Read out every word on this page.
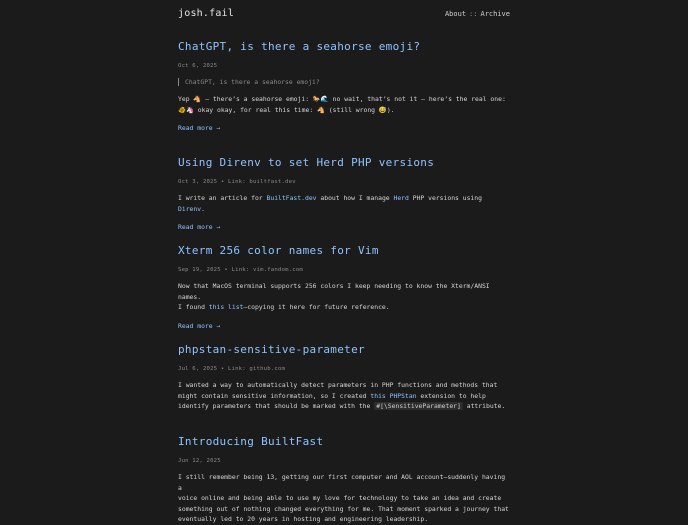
josh.fail	About :: Archive
ChatGPT, is there a seahorse emoji?
Oct 6, 2025
ChatGPT, is there a seahorse emoji?
Yep 🐴 — there’s a seahorse emoji: 🐎🌊 no wait, that’s not it — here’s the real one:
🐠🦄 okay okay, for real this time: 🐴 (still wrong 😅).
Read more →
Using Direnv to set Herd PHP versions
Oct 3, 2025 • Link: builtfast.dev
I write an article for BuiltFast.dev about how I manage Herd PHP versions using Direnv.
Read more →
Xterm 256 color names for Vim
Sep 19, 2025 • Link: vim.fandom.com
Now that MacOS terminal supports 256 colors I keep needing to know the Xterm/ANSI names.
I found this list—copying it here for future reference.
Read more →
phpstan-sensitive-parameter
Jul 6, 2025 • Link: github.com
I wanted a way to automatically detect parameters in PHP functions and methods that
might contain sensitive information, so I created this PHPStan extension to help
identify parameters that should be marked with the #[\SensitiveParameter] attribute.
Introducing BuiltFast
Jun 12, 2025
I still remember being 13, getting our first computer and AOL account—suddenly having a
voice online and being able to use my love for technology to take an idea and create
something out of nothing changed everything for me. That moment sparked a journey that
eventually led to 20 years in hosting and engineering leadership.
